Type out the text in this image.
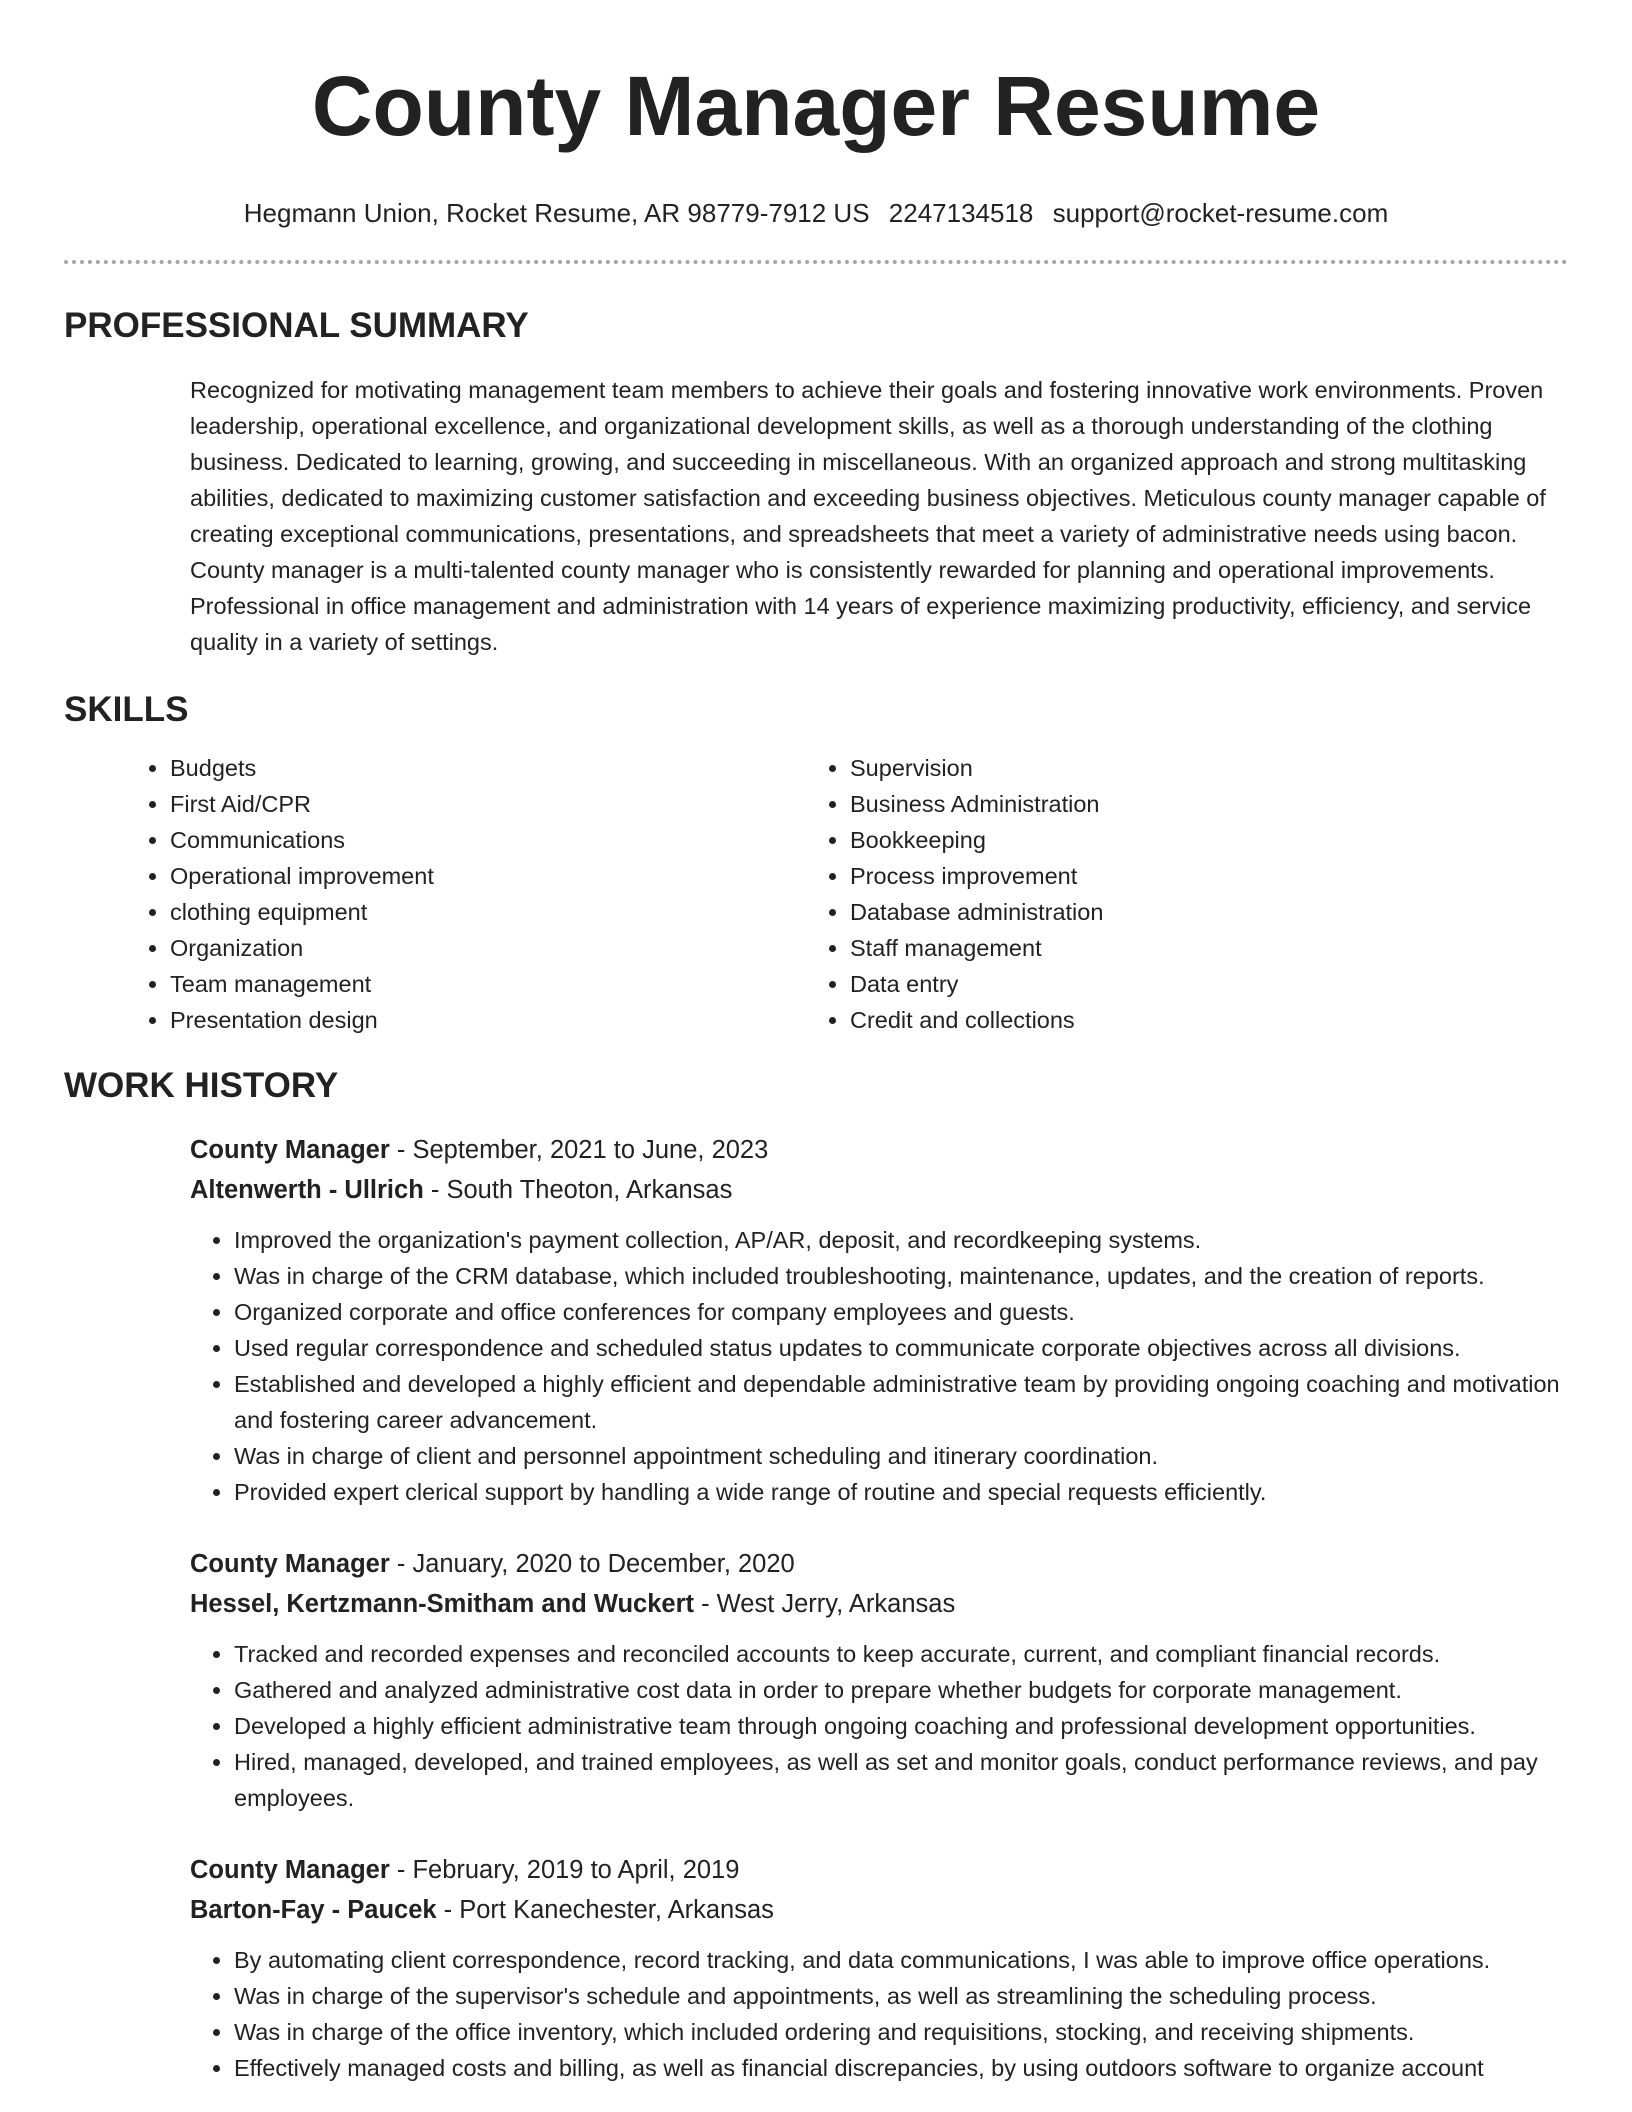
County Manager Resume
Hegmann Union, Rocket Resume, AR 98779-7912 US 2247134518 support@rocket-resume.com
PROFESSIONAL SUMMARY

Recognized for motivating management team members to achieve their goals and fostering innovative work environments. Proven leadership, operational excellence, and organizational development skills, as well as a thorough understanding of the clothing business. Dedicated to learning, growing, and succeeding in miscellaneous. With an organized approach and strong multitasking abilities, dedicated to maximizing customer satisfaction and exceeding business objectives. Meticulous county manager capable of creating exceptional communications, presentations, and spreadsheets that meet a variety of administrative needs using bacon. County manager is a multi-talented county manager who is consistently rewarded for planning and operational improvements. Professional in office management and administration with 14 years of experience maximizing productivity, efficiency, and service quality in a variety of settings.

SKILLS
• Budgets
• First Aid/CPR
• Communications
• Operational improvement
• clothing equipment
• Organization
• Team management
• Presentation design
• Supervision
• Business Administration
• Bookkeeping
• Process improvement
• Database administration
• Staff management
• Data entry
• Credit and collections
WORK HISTORY
County Manager - September, 2021 to June, 2023
Altenwerth - Ullrich - South Theoton, Arkansas
• Improved the organization's payment collection, AP/AR, deposit, and recordkeeping systems.
• Was in charge of the CRM database, which included troubleshooting, maintenance, updates, and the creation of reports.
• Organized corporate and office conferences for company employees and guests.
• Used regular correspondence and scheduled status updates to communicate corporate objectives across all divisions.
• Established and developed a highly efficient and dependable administrative team by providing ongoing coaching and motivation and fostering career advancement.
• Was in charge of client and personnel appointment scheduling and itinerary coordination.
• Provided expert clerical support by handling a wide range of routine and special requests efficiently.
County Manager - January, 2020 to December, 2020
Hessel, Kertzmann-Smitham and Wuckert - West Jerry, Arkansas
• Tracked and recorded expenses and reconciled accounts to keep accurate, current, and compliant financial records.
• Gathered and analyzed administrative cost data in order to prepare whether budgets for corporate management.
• Developed a highly efficient administrative team through ongoing coaching and professional development opportunities.
• Hired, managed, developed, and trained employees, as well as set and monitor goals, conduct performance reviews, and pay employees.
County Manager - February, 2019 to April, 2019
Barton-Fay - Paucek - Port Kanechester, Arkansas
• By automating client correspondence, record tracking, and data communications, I was able to improve office operations.
• Was in charge of the supervisor's schedule and appointments, as well as streamlining the scheduling process.
• Was in charge of the office inventory, which included ordering and requisitions, stocking, and receiving shipments.
• Effectively managed costs and billing, as well as financial discrepancies, by using outdoors software to organize account
